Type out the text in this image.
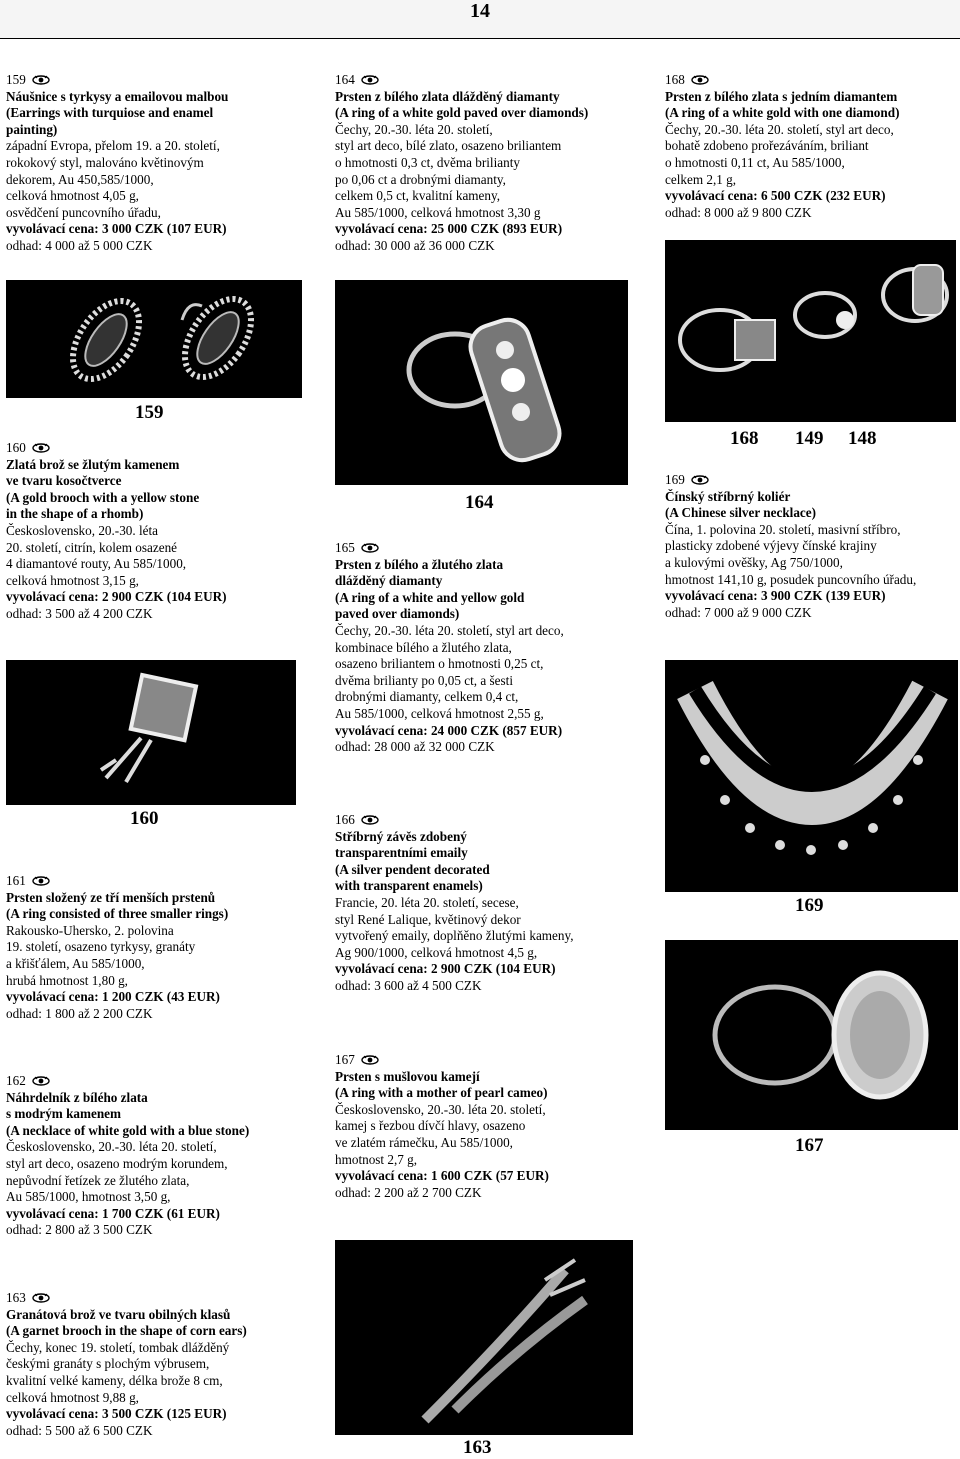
14
159
Náušnice s tyrkysy a emailovou malbou
(Earrings with turquiose and enamel
painting)
západní Evropa, přelom 19. a 20. století,
rokokový styl, malováno květinovým
dekorem, Au 450,585/1000,
celková hmotnost 4,05 g,
osvědčení puncovního úřadu,
vyvolávací cena: 3 000 CZK (107 EUR)
odhad: 4 000 až 5 000 CZK
164
Prsten z bílého zlata dlážděný diamanty
(A ring of a white gold paved over diamonds)
Čechy, 20.-30. léta 20. století,
styl art deco, bílé zlato, osazeno briliantem
o hmotnosti 0,3 ct, dvěma brilianty
po 0,06 ct a drobnými diamanty,
celkem 0,5 ct, kvalitní kameny,
Au 585/1000, celková hmotnost 3,30 g
vyvolávací cena: 25 000 CZK (893 EUR)
odhad: 30 000 až 36 000 CZK
168
Prsten z bílého zlata s jedním diamantem
(A ring of a white gold with one diamond)
Čechy, 20.-30. léta 20. století, styl art deco,
bohatě zdobeno prořezáváním, briliant
o hmotnosti 0,11 ct, Au 585/1000,
celkem 2,1 g,
vyvolávací cena: 6 500 CZK (232 EUR)
odhad: 8 000 až 9 800 CZK
160
Zlatá brož se žlutým kamenem
ve tvaru kosočtverce
(A gold brooch with a yellow stone
in the shape of a rhomb)
Československo, 20.-30. léta
20. století, citrín, kolem osazené
4 diamantové routy, Au 585/1000,
celková hmotnost 3,15 g,
vyvolávací cena: 2 900 CZK (104 EUR)
odhad: 3 500 až 4 200 CZK
165
Prsten z bílého a žlutého zlata
dlážděný diamanty
(A ring of a white and yellow gold
paved over diamonds)
Čechy, 20.-30. léta 20. století, styl art deco,
kombinace bílého a žlutého zlata,
osazeno briliantem o hmotnosti 0,25 ct,
dvěma brilianty po 0,05 ct, a šesti
drobnými diamanty, celkem 0,4 ct,
Au 585/1000, celková hmotnost 2,55 g,
vyvolávací cena: 24 000 CZK (857 EUR)
odhad: 28 000 až 32 000 CZK
169
Čínský stříbrný koliér
(A Chinese silver necklace)
Čína, 1. polovina 20. století, masivní stříbro,
plasticky zdobené výjevy čínské krajiny
a kulovými ověšky, Ag 750/1000,
hmotnost 141,10 g, posudek puncovního úřadu,
vyvolávací cena: 3 900 CZK (139 EUR)
odhad: 7 000 až 9 000 CZK
161
Prsten složený ze tří menších prstenů
(A ring consisted of three smaller rings)
Rakousko-Uhersko, 2. polovina
19. století, osazeno tyrkysy, granáty
a křišťálem, Au 585/1000,
hrubá hmotnost 1,80 g,
vyvolávací cena: 1 200 CZK (43 EUR)
odhad: 1 800 až 2 200 CZK
166
Stříbrný závěs zdobený
transparentními emaily
(A silver pendent decorated
with transparent enamels)
Francie, 20. léta 20. století, secese,
styl René Lalique, květinový dekor
vytvořený emaily, doplňěno žlutými kameny,
Ag 900/1000, celková hmotnost 4,5 g,
vyvolávací cena: 2 900 CZK (104 EUR)
odhad: 3 600 až 4 500 CZK
162
Náhrdelník z bílého zlata
s modrým kamenem
(A necklace of white gold with a blue stone)
Československo, 20.-30. léta 20. století,
styl art deco, osazeno modrým korundem,
nepůvodní řetízek ze žlutého zlata,
Au 585/1000, hmotnost 3,50 g,
vyvolávací cena: 1 700 CZK (61 EUR)
odhad: 2 800 až 3 500 CZK
167
Prsten s mušlovou kamejí
(A ring with a mother of pearl cameo)
Československo, 20.-30. léta 20. století,
kamej s řezbou dívčí hlavy, osazeno
ve zlatém rámečku, Au 585/1000,
hmotnost 2,7 g,
vyvolávací cena: 1 600 CZK (57 EUR)
odhad: 2 200 až 2 700 CZK
163
Granátová brož ve tvaru obilných klasů
(A garnet brooch in the shape of corn ears)
Čechy, konec 19. století, tombak dlážděný
českými granáty s plochým výbrusem,
kvalitní velké kameny, délka brože 8 cm,
celková hmotnost 9,88 g,
vyvolávací cena: 3 500 CZK (125 EUR)
odhad: 5 500 až 6 500 CZK
159
164
168 149 148
160
169
167
163
